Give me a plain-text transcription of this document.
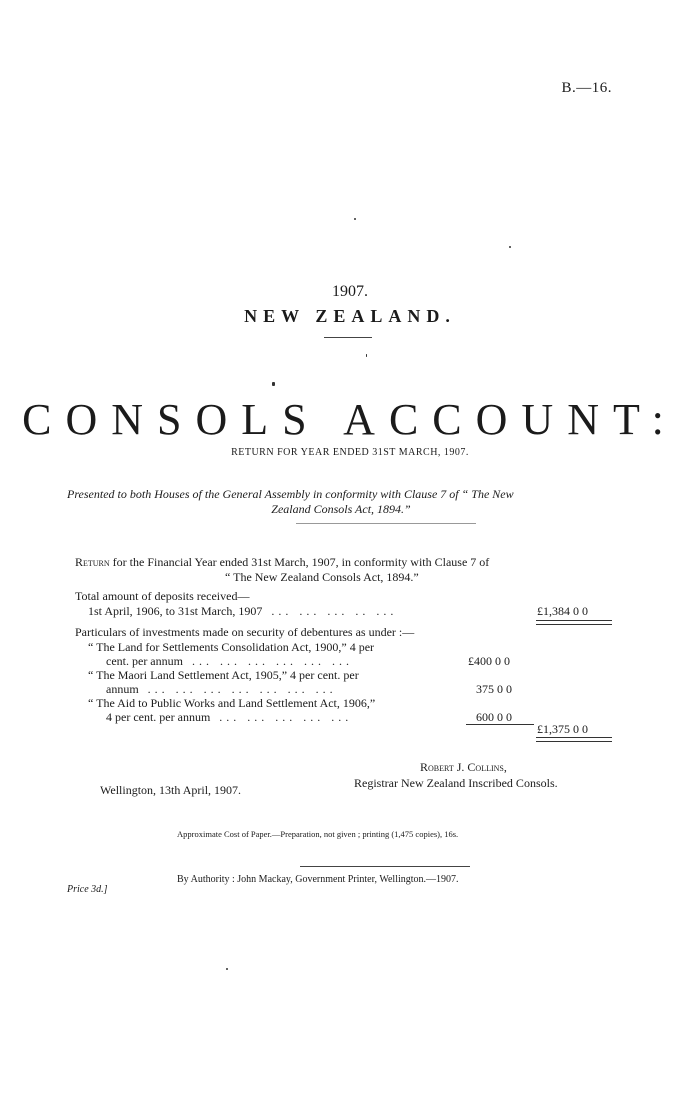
B.—16.
1907.
NEW ZEALAND.
CONSOLS ACCOUNT:
RETURN FOR YEAR ENDED 31ST MARCH, 1907.
Presented to both Houses of the General Assembly in conformity with Clause 7 of “ The New
Zealand Consols Act, 1894.”
Return for the Financial Year ended 31st March, 1907, in conformity with Clause 7 of
“ The New Zealand Consols Act, 1894.”
Total amount of deposits received—
1st April, 1906, to 31st March, 1907 ... ... ... .. ...	£1,384 0 0
Particulars of investments made on security of debentures as under :—
“ The Land for Settlements Consolidation Act, 1900,” 4 per
cent. per annum ... ... ... ... ... ...	£400 0 0
“ The Maori Land Settlement Act, 1905,” 4 per cent. per
annum ... ... ... ... ... ... ...	375 0 0
“ The Aid to Public Works and Land Settlement Act, 1906,”
4 per cent. per annum ... ... ... ... ...	600 0 0
£1,375 0 0
Robert J. Collins,
Registrar New Zealand Inscribed Consols.
Wellington, 13th April, 1907.
Approximate Cost of Paper.—Preparation, not given ; printing (1,475 copies), 16s.
By Authority : John Mackay, Government Printer, Wellington.—1907.
Price 3d.]
